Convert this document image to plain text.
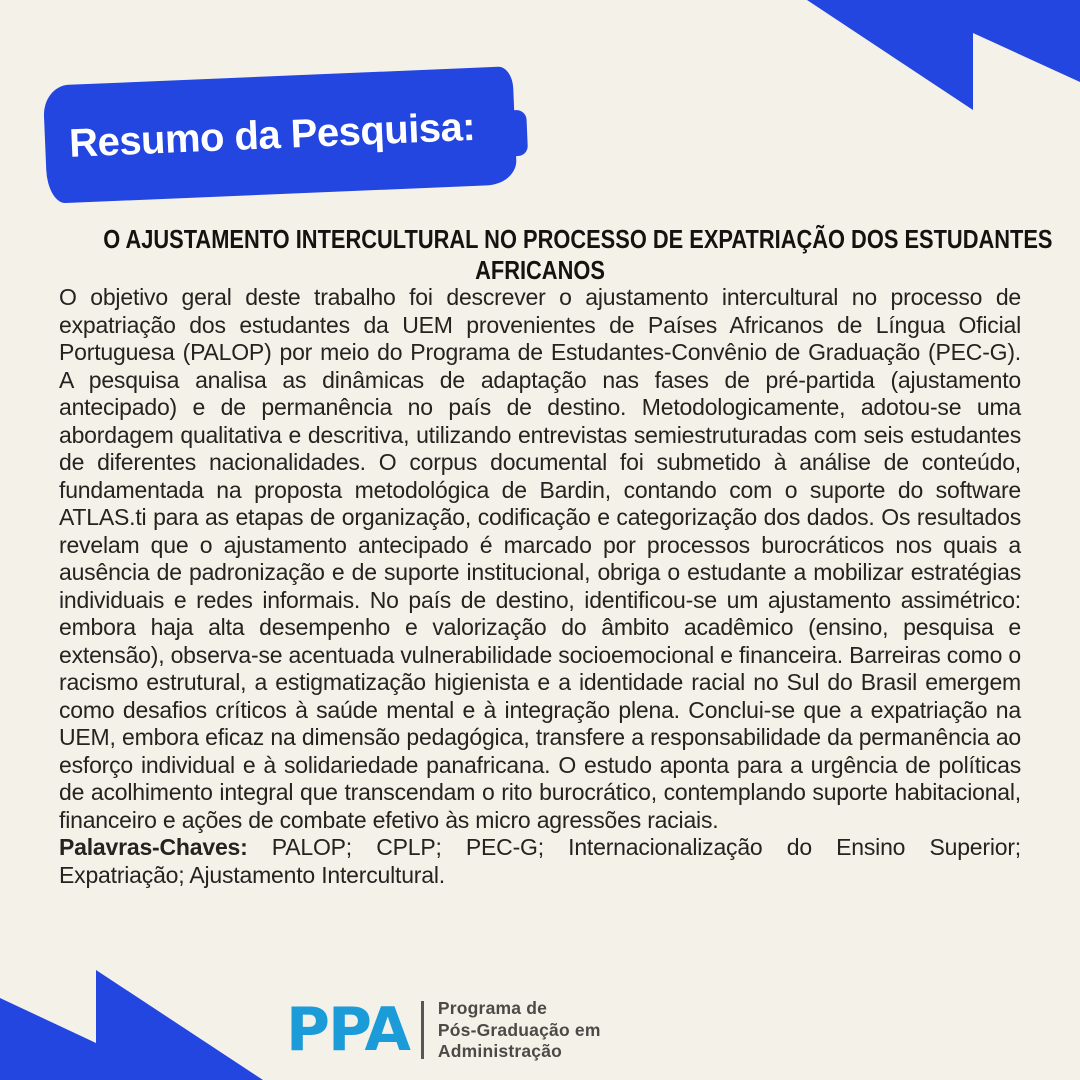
Resumo da Pesquisa:
O AJUSTAMENTO INTERCULTURAL NO PROCESSO DE EXPATRIAÇÃO DOS ESTUDANTES
AFRICANOS

O objetivo geral deste trabalho foi descrever o ajustamento intercultural no processo de expatriação dos estudantes da UEM provenientes de Países Africanos de Língua Oficial Portuguesa (PALOP) por meio do Programa de Estudantes-Convênio de Graduação (PEC-G). A pesquisa analisa as dinâmicas de adaptação nas fases de pré-partida (ajustamento antecipado) e de permanência no país de destino. Metodologicamente, adotou-se uma abordagem qualitativa e descritiva, utilizando entrevistas semiestruturadas com seis estudantes de diferentes nacionalidades. O corpus documental foi submetido à análise de conteúdo, fundamentada na proposta metodológica de Bardin, contando com o suporte do software ATLAS.ti para as etapas de organização, codificação e categorização dos dados. Os resultados revelam que o ajustamento antecipado é marcado por processos burocráticos nos quais a ausência de padronização e de suporte institucional, obriga o estudante a mobilizar estratégias individuais e redes informais. No país de destino, identificou-se um ajustamento assimétrico: embora haja alta desempenho e valorização do âmbito acadêmico (ensino, pesquisa e extensão), observa-se acentuada vulnerabilidade socioemocional e financeira. Barreiras como o racismo estrutural, a estigmatização higienista e a identidade racial no Sul do Brasil emergem como desafios críticos à saúde mental e à integração plena. Conclui-se que a expatriação na UEM, embora eficaz na dimensão pedagógica, transfere a responsabilidade da permanência ao esforço individual e à solidariedade panafricana. O estudo aponta para a urgência de políticas de acolhimento integral que transcendam o rito burocrático, contemplando suporte habitacional, financeiro e ações de combate efetivo às micro agressões raciais.

Palavras-Chaves: PALOP; CPLP; PEC-G; Internacionalização do Ensino Superior; Expatriação; Ajustamento Intercultural.

PPA Programa de
Pós-Graduação em
Administração
